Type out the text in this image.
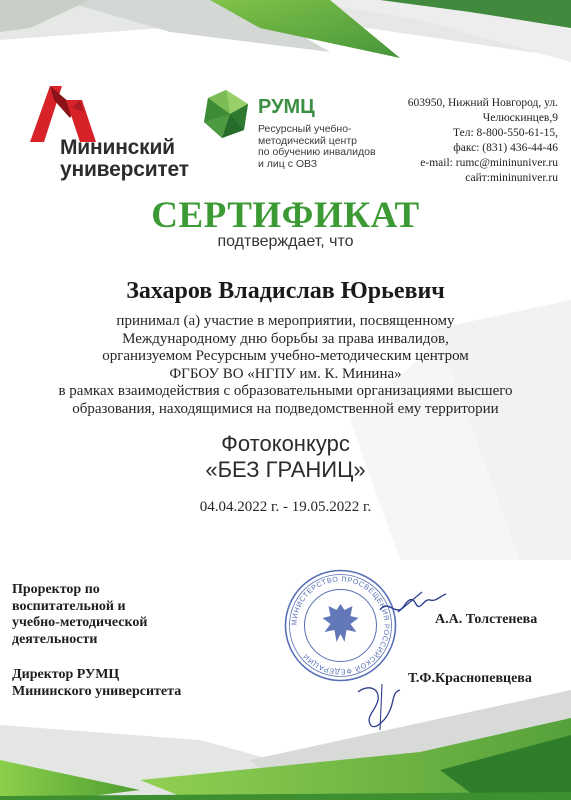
Мининский
университет
РУМЦ
Ресурсный учебно-
методический центр
по обучению инвалидов
и лиц с ОВЗ
603950, Нижний Новгород, ул.
Челюскинцев,9
Тел: 8-800-550-61-15,
факс: (831) 436-44-46
e-mail: rumc@mininuniver.ru
сайт:mininuniver.ru
СЕРТИФИКАТ
подтверждает, что
Захаров Владислав Юрьевич
принимал (а) участие в мероприятии, посвященному
Международному дню борьбы за права инвалидов,
организуемом Ресурсным учебно-методическим центром
ФГБОУ ВО «НГПУ им. К. Минина»
в рамках взаимодействия с образовательными организациями высшего
образования, находящимися на подведомственной ему территории
Фотоконкурс
«БЕЗ ГРАНИЦ»
04.04.2022 г. - 19.05.2022 г.
МИНИСТЕРСТВО ПРОСВЕЩЕНИЯ РОССИЙСКОЙ ФЕДЕРАЦИИ
Проректор по
воспитательной и
учебно-методической
деятельности
А.А. Толстенева
Директор РУМЦ
Мининского университета
Т.Ф.Краснопевцева
